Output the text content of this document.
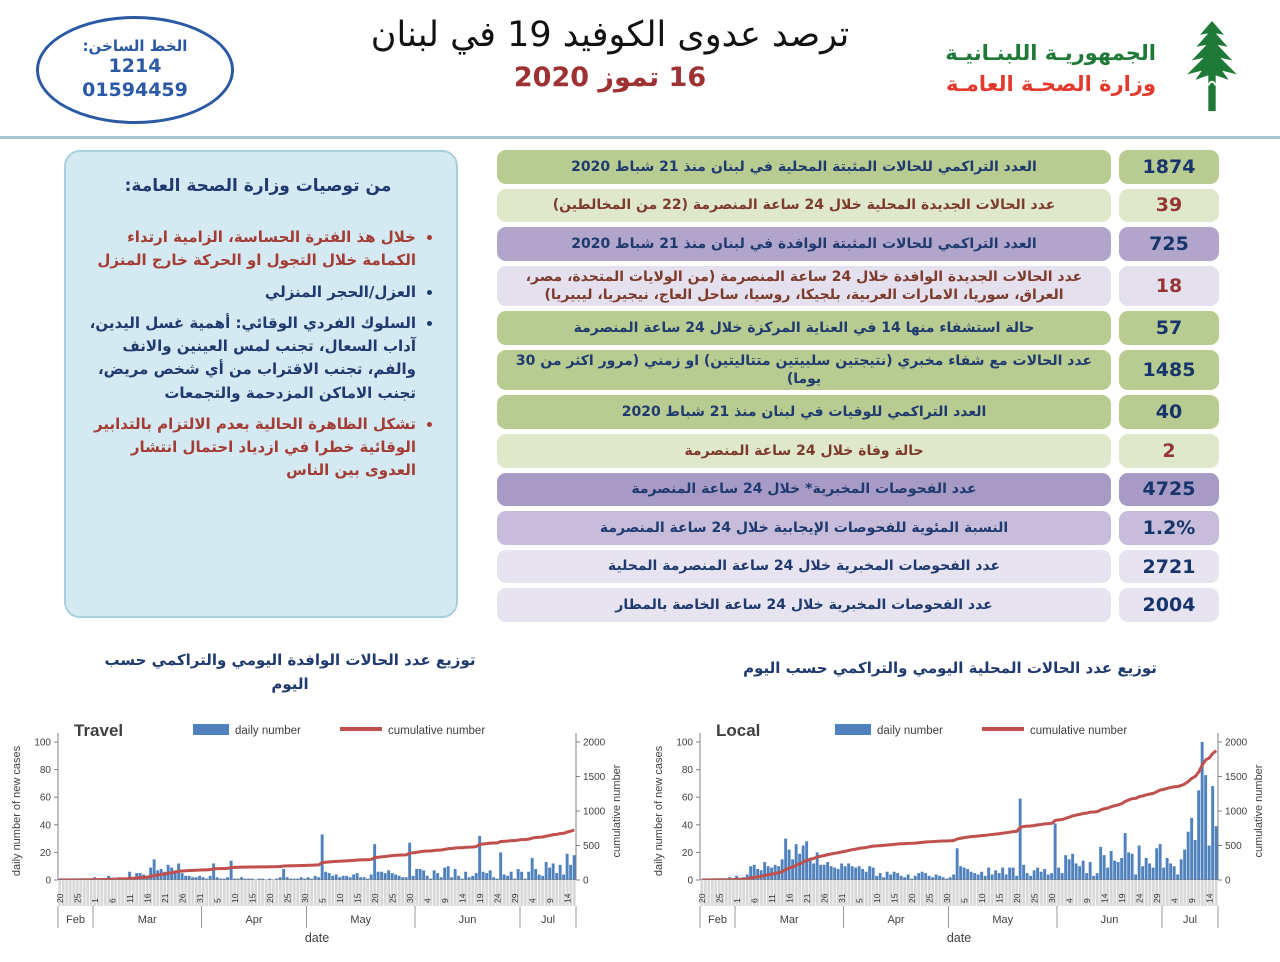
الخط الساخن:
1214
01594459
ترصد عدوى الكوفيد 19 في لبنان
16 تموز 2020
الجمهوريـة اللبنـانيـة
وزارة الصحـة العامـة
من توصيات وزارة الصحة العامة:
• خلال هذ الفترة الحساسة، الزامية ارتداء الكمامة خلال التجول او الحركة خارج المنزل
• العزل/الحجر المنزلي
• السلوك الفردي الوقائي: أهمية غسل اليدين، آداب السعال، تجنب لمس العينين والانف والفم، تجنب الاقتراب من أي شخص مريض، تجنب الاماكن المزدحمة والتجمعات
• تشكل الظاهرة الحالية بعدم الالتزام بالتدابير الوقائية خطرا في ازدياد احتمال انتشار العدوى بين الناس
العدد التراكمي للحالات المثبتة المحلية في لبنان منذ 21 شباط 2020	1874
عدد الحالات الجديدة المحلية خلال 24 ساعة المنصرمة (22 من المخالطين)	39
العدد التراكمي للحالات المثبتة الوافدة في لبنان منذ 21 شباط 2020	725
عدد الحالات الجديدة الوافدة خلال 24 ساعة المنصرمة (من الولايات المتحدة، مصر، العراق، سوريا، الامارات العربية، بلجيكا، روسيا، ساحل العاج، نيجيريا، ليبيريا)	18
حالة استشفاء منها 14 في العناية المركزة خلال 24 ساعة المنصرمة	57
عدد الحالات مع شفاء مخبري (نتيجتين سلبيتين متتاليتين) او زمني (مرور اكثر من 30 يوما)	1485
العدد التراكمي للوفيات في لبنان منذ 21 شباط 2020	40
حالة وفاة خلال 24 ساعة المنصرمة	2
عدد الفحوصات المخبرية* خلال 24 ساعة المنصرمة	4725
النسبة المئوية للفحوصات الإيجابية خلال 24 ساعة المنصرمة	1.2%
عدد الفحوصات المخبرية خلال 24 ساعة المنصرمة المحلية	2721
عدد الفحوصات المخبرية خلال 24 ساعة الخاصة بالمطار	2004
توزيع عدد الحالات المحلية اليومي والتراكمي حسب اليوم
توزيع عدد الحالات الوافدة اليومي والتراكمي حسب اليوم
0
20
40
60
80
100
0
500
1000
1500
2000
20 25 1 6 11 16 21 26 31 5 10 15 20 25 30 5 10 15 20 25 30 4 9 14 19 24 29 4 9 14
Feb	Mar	Apr	May	Jun	Jul
date
Travel	daily number	cumulative number
daily number of new cases	cumulative number
0
20
40
60
80
100
0
500
1000
1500
2000
20 25 1 6 11 16 21 26 31 5 10 15 20 25 30 5 10 15 20 25 30 4 9 14 19 24 29 4 9 14
Feb	Mar	Apr	May	Jun	Jul
date
Local	daily number	cumulative number
daily number of new cases	cumulative number
